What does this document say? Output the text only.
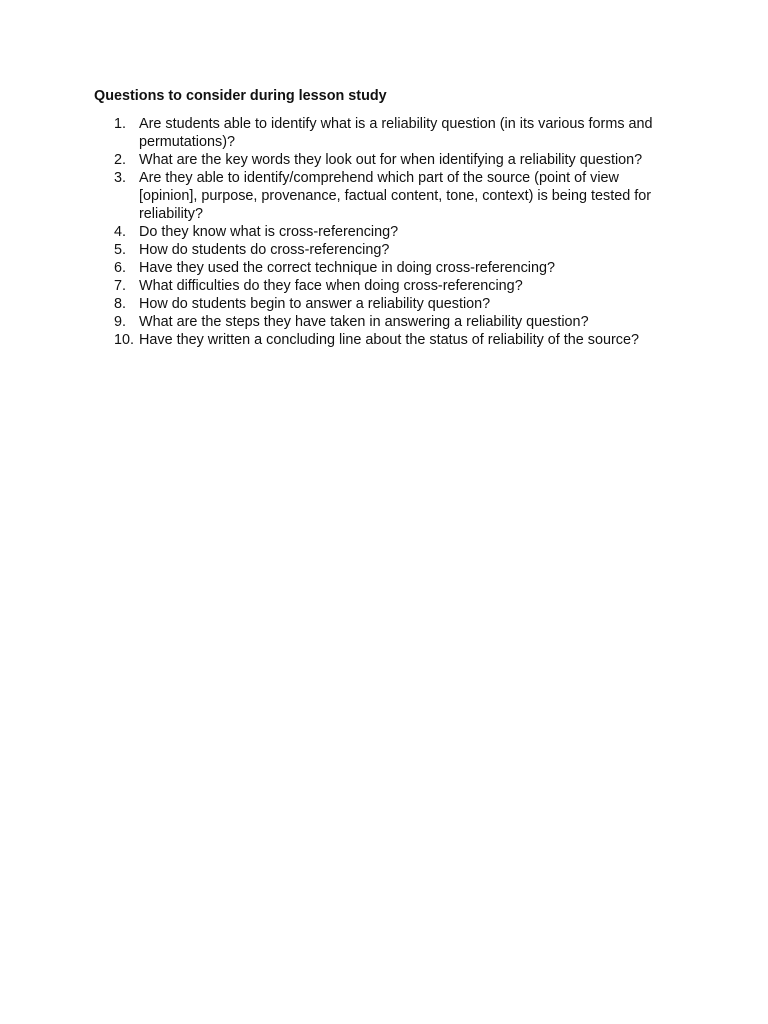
Questions to consider during lesson study
1. Are students able to identify what is a reliability question (in its various forms and permutations)?
2. What are the key words they look out for when identifying a reliability question?
3. Are they able to identify/comprehend which part of the source (point of view [opinion], purpose, provenance, factual content, tone, context) is being tested for reliability?
4. Do they know what is cross-referencing?
5. How do students do cross-referencing?
6. Have they used the correct technique in doing cross-referencing?
7. What difficulties do they face when doing cross-referencing?
8. How do students begin to answer a reliability question?
9. What are the steps they have taken in answering a reliability question?
10. Have they written a concluding line about the status of reliability of the source?
